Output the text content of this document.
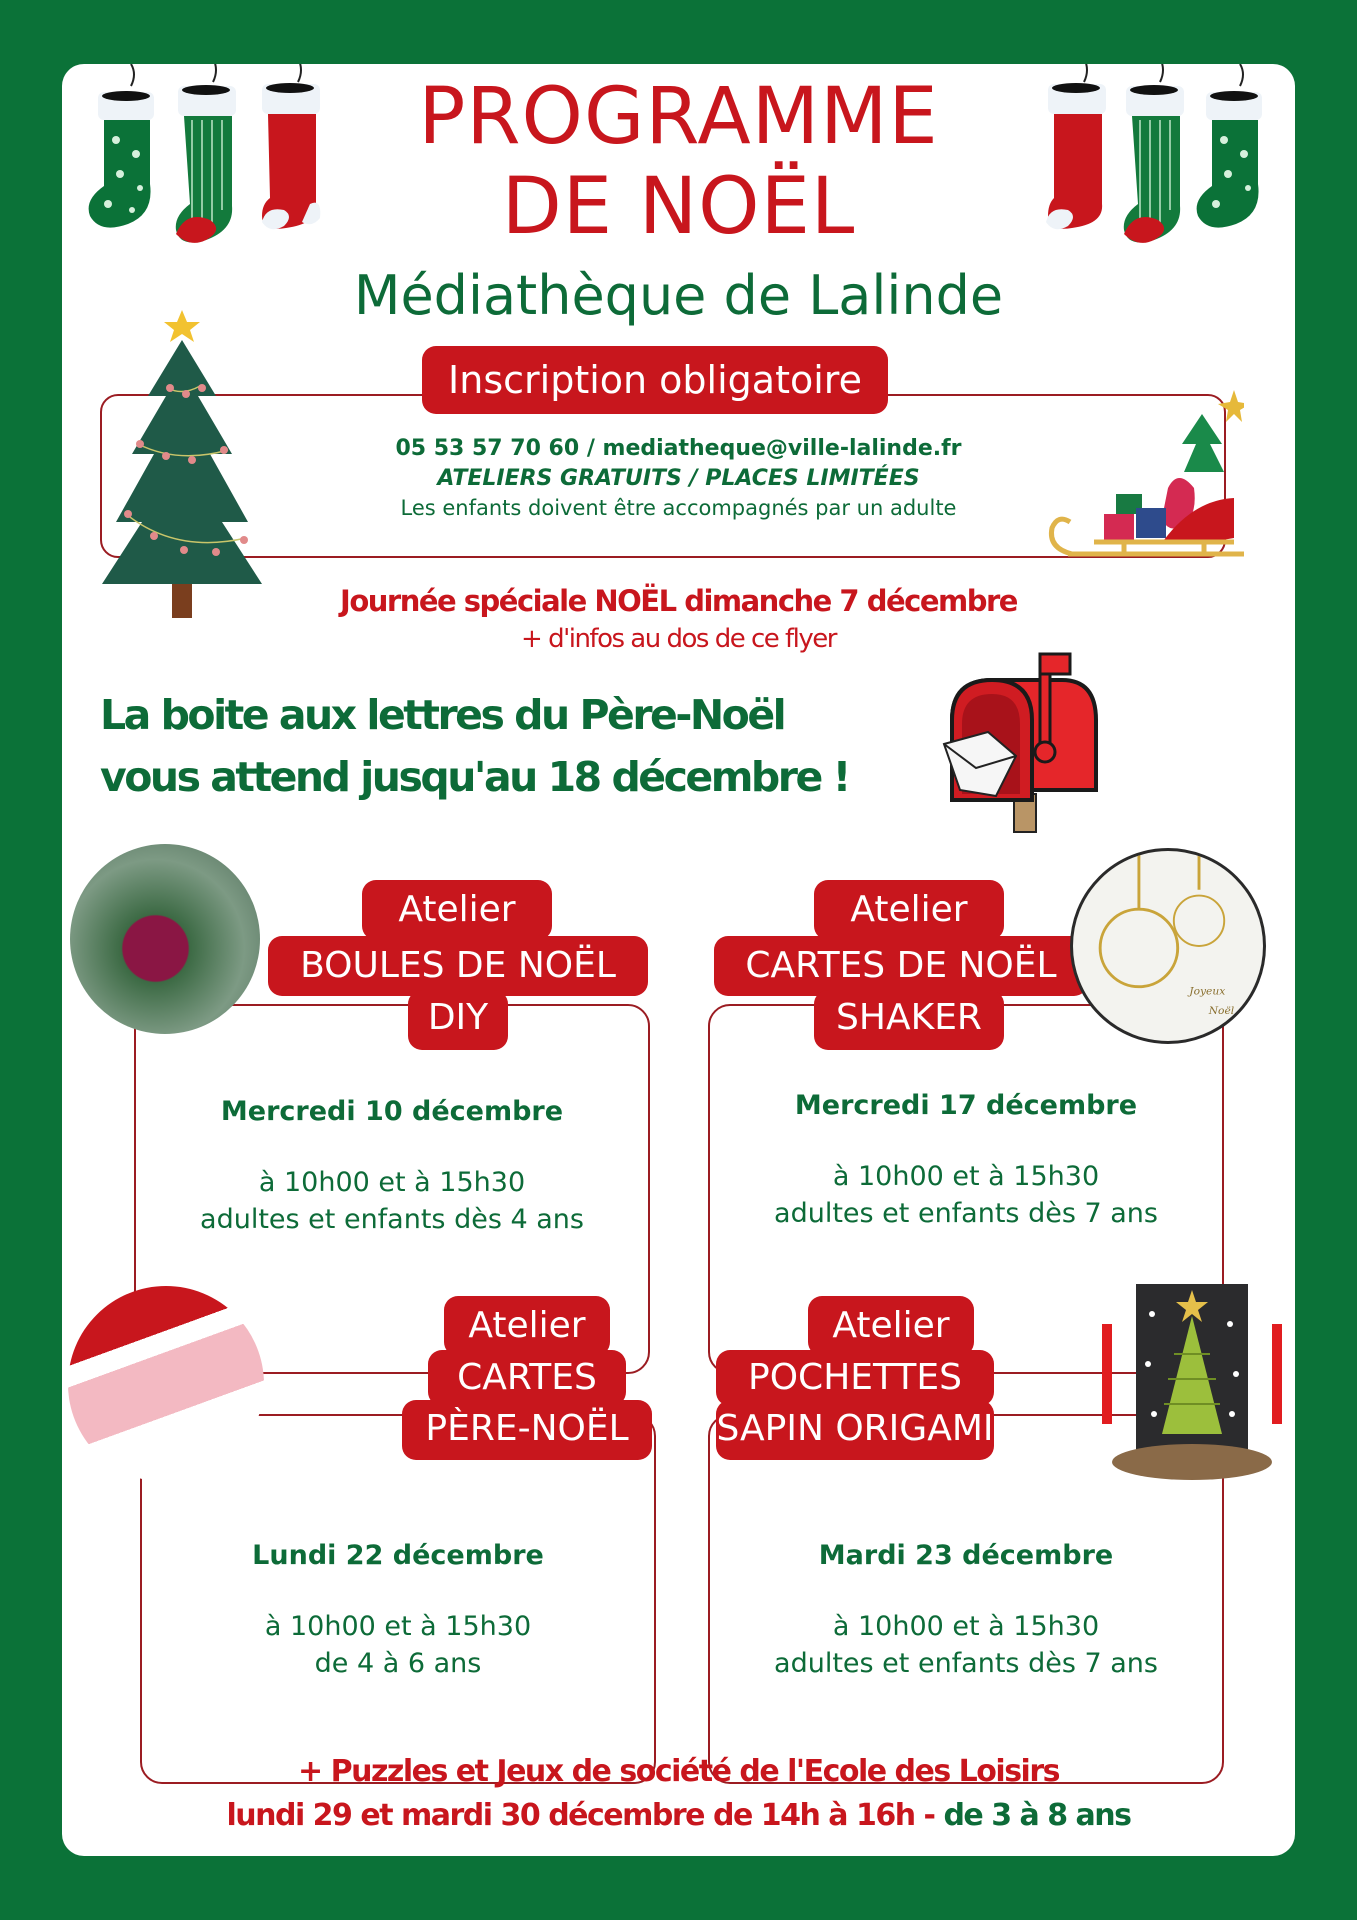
PROGRAMME
DE NOËL
Médiathèque de Lalinde
Inscription obligatoire
05 53 57 70 60 / mediatheque@ville-lalinde.fr
ATELIERS GRATUITS / PLACES LIMITÉES
Les enfants doivent être accompagnés par un adulte
Journée spéciale NOËL dimanche 7 décembre
+ d'infos au dos de ce flyer
La boite aux lettres du Père-Noël
vous attend jusqu'au 18 décembre !
Atelier
BOULES DE NOËL
DIY
Mercredi 10 décembre
à 10h00 et à 15h30
adultes et enfants dès 4 ans
Atelier
CARTES DE NOËL
SHAKER
Joyeux
Noël
Mercredi 17 décembre
à 10h00 et à 15h30
adultes et enfants dès 7 ans
Atelier
CARTES
PÈRE-NOËL
Lundi 22 décembre
à 10h00 et à 15h30
de 4 à 6 ans
Atelier
POCHETTES
SAPIN ORIGAMI
Mardi 23 décembre
à 10h00 et à 15h30
adultes et enfants dès 7 ans
+ Puzzles et Jeux de société de l'Ecole des Loisirs
lundi 29 et mardi 30 décembre de 14h à 16h - de 3 à 8 ans
